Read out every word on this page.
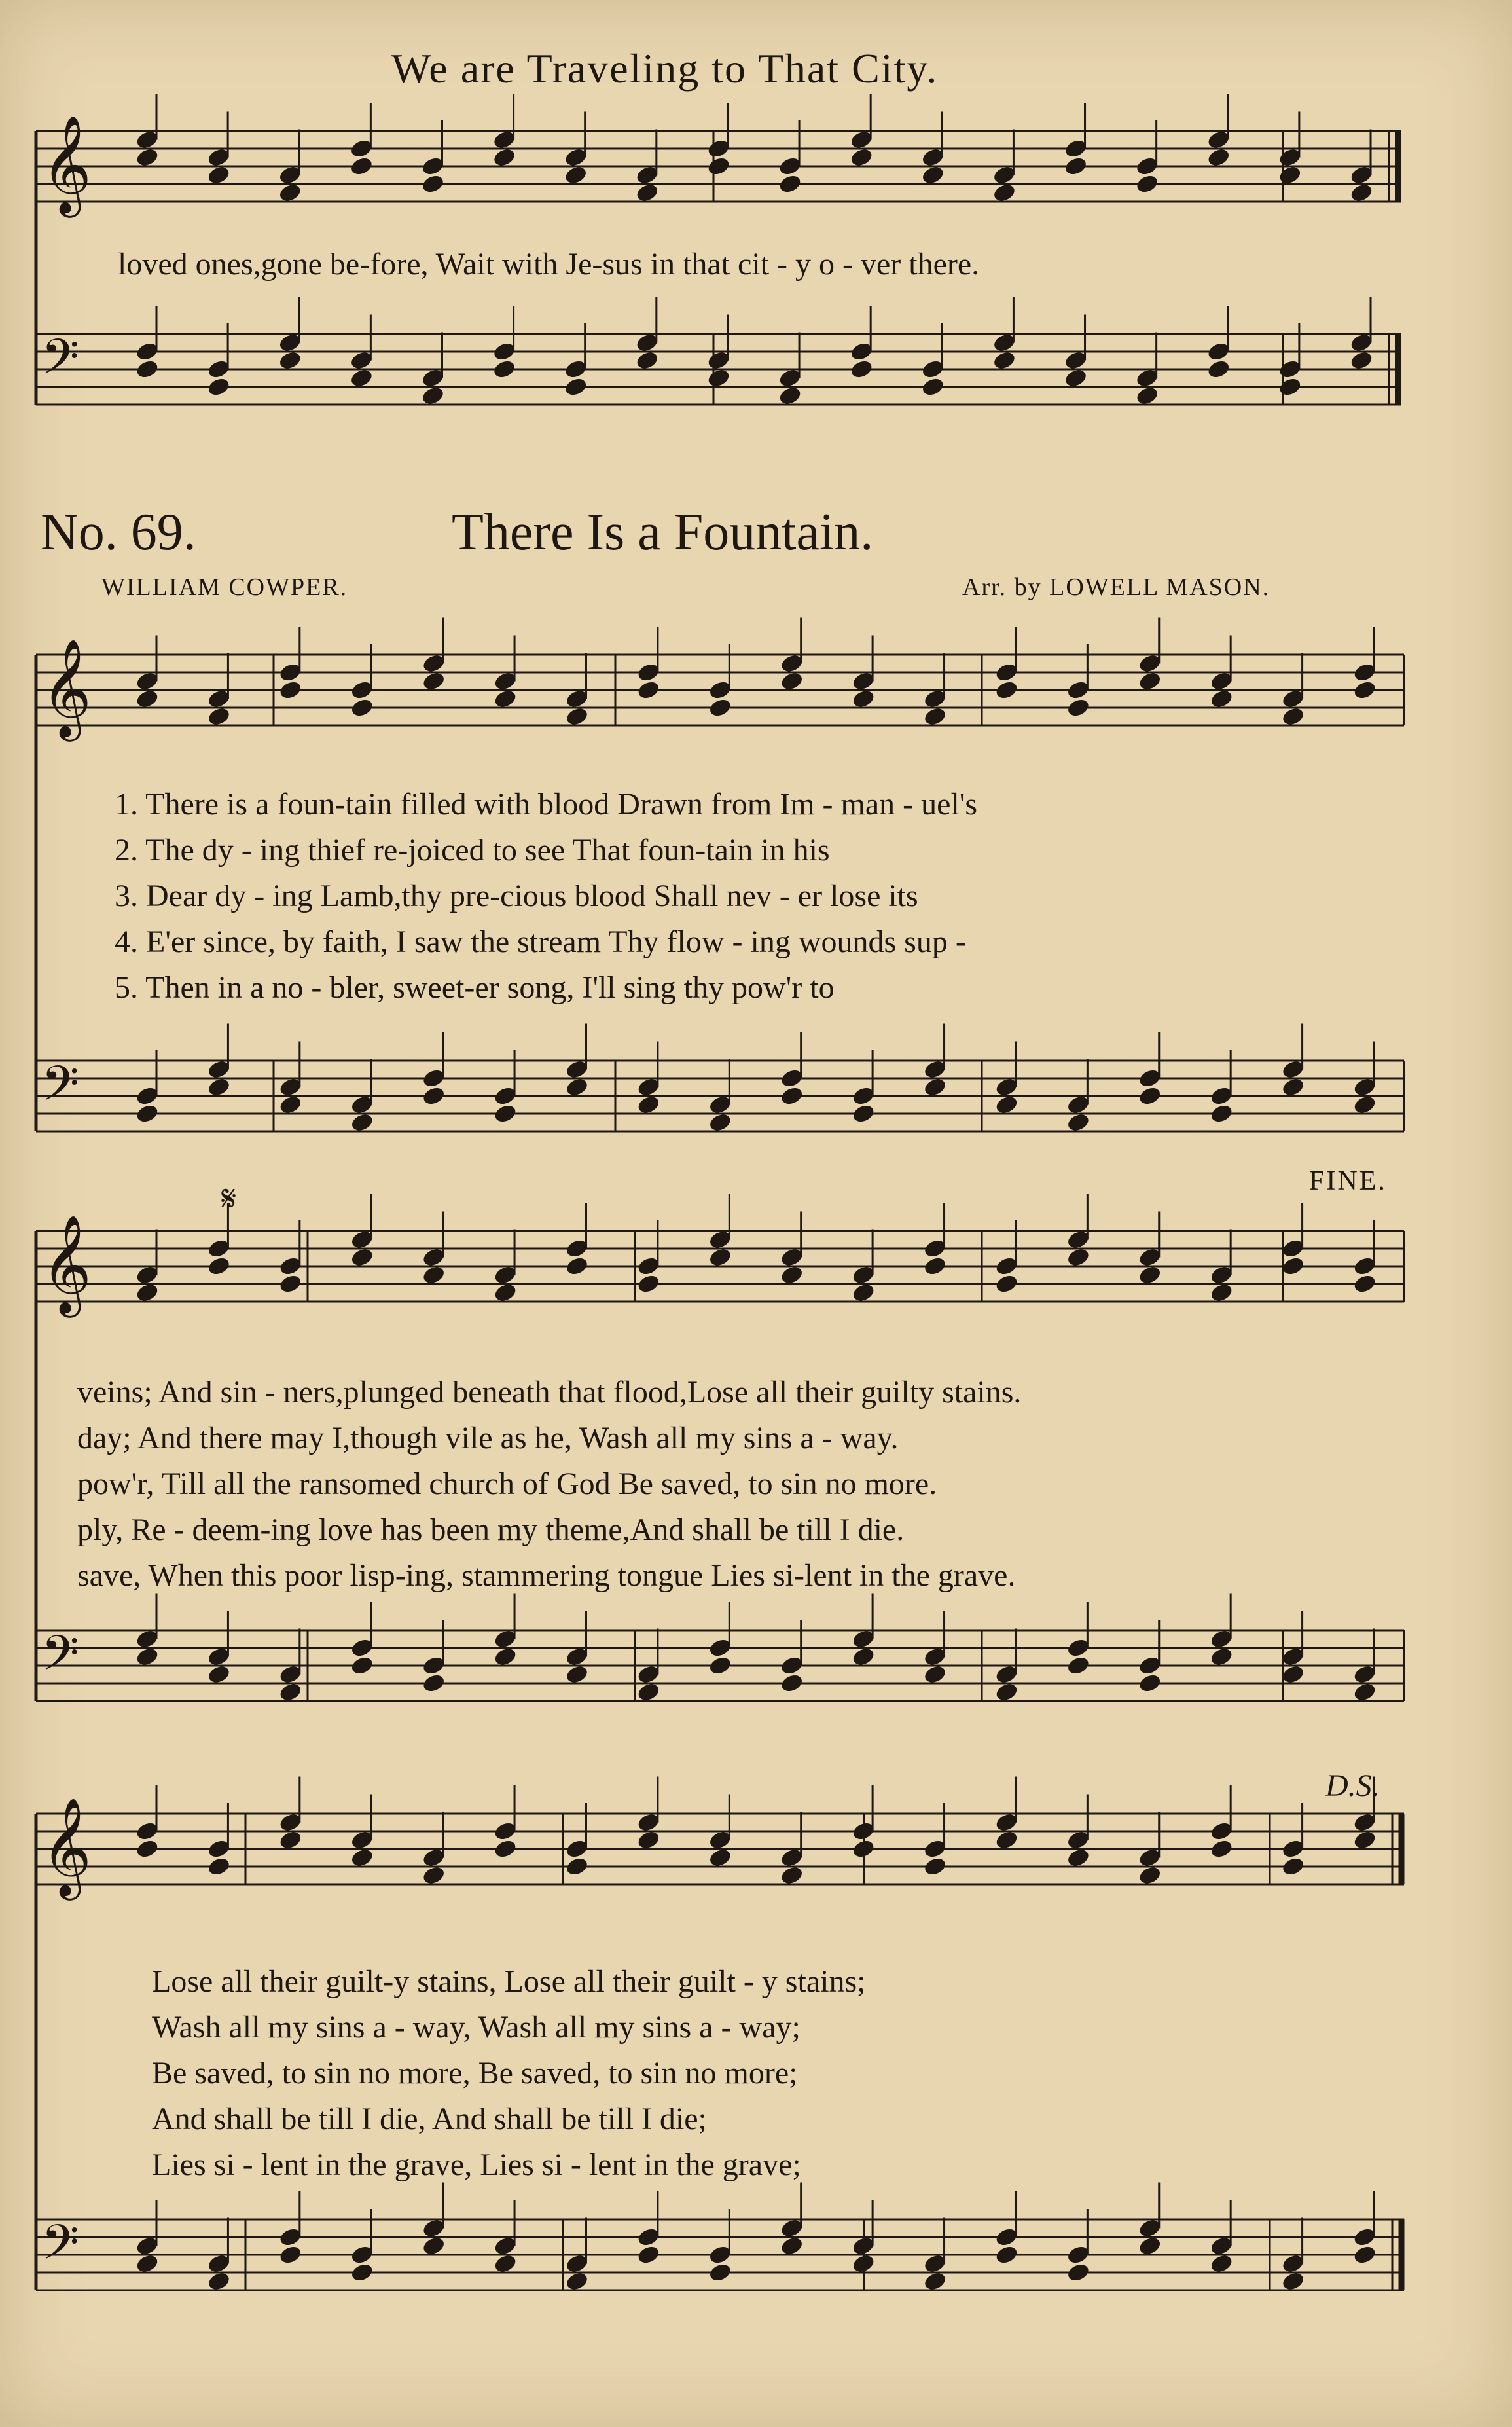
𝄞
𝄢
𝄞
𝄢
𝄞
𝄢
𝄞
𝄢
We are Traveling to That City.
loved ones,gone be-fore, Wait with Je-sus in that cit - y o - ver there.
No. 69.	There Is a Fountain.
WILLIAM COWPER.	Arr. by LOWELL MASON.
1. There is a foun-tain filled with blood Drawn from Im - man - uel's
2. The dy - ing thief re-joiced to see That foun-tain in his
3. Dear dy - ing Lamb,thy pre-cious blood Shall nev - er lose its
4. E'er since, by faith, I saw the stream Thy flow - ing wounds sup -
5. Then in a no - bler, sweet-er song, I'll sing thy pow'r to
𝄋	FINE.
veins; And sin - ners,plunged beneath that flood,Lose all their guilty stains.
day; And there may I,though vile as he, Wash all my sins a - way.
pow'r, Till all the ransomed church of God Be saved, to sin no more.
ply, Re - deem-ing love has been my theme,And shall be till I die.
save, When this poor lisp-ing, stammering tongue Lies si-lent in the grave.
D.S.
Lose all their guilt-y stains, Lose all their guilt - y stains;
Wash all my sins a - way, Wash all my sins a - way;
Be saved, to sin no more, Be saved, to sin no more;
And shall be till I die, And shall be till I die;
Lies si - lent in the grave, Lies si - lent in the grave;
